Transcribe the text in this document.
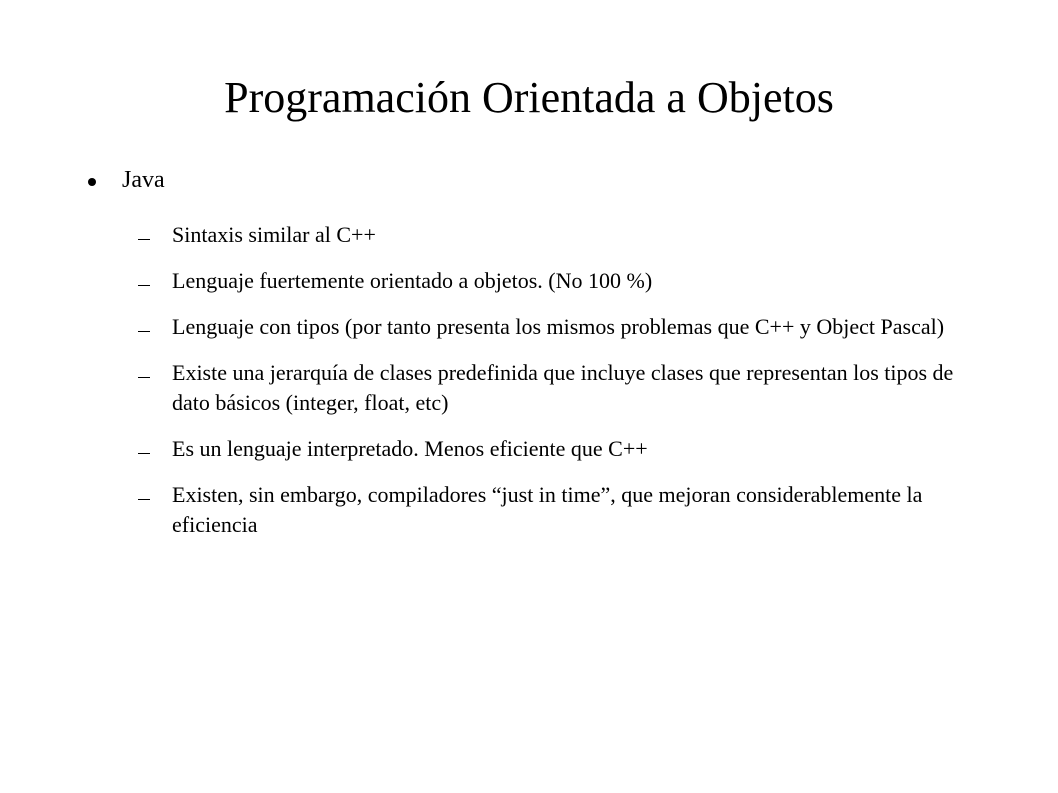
Programación Orientada a Objetos
Java
Sintaxis similar al C++
Lenguaje fuertemente orientado a objetos. (No 100 %)
Lenguaje con tipos (por tanto presenta los mismos problemas que C++ y Object Pascal)
Existe una jerarquía de clases predefinida que incluye clases que representan los tipos de dato básicos (integer, float, etc)
Es un lenguaje interpretado. Menos eficiente que C++
Existen, sin embargo, compiladores “just in time”, que mejoran considerablemente la eficiencia
